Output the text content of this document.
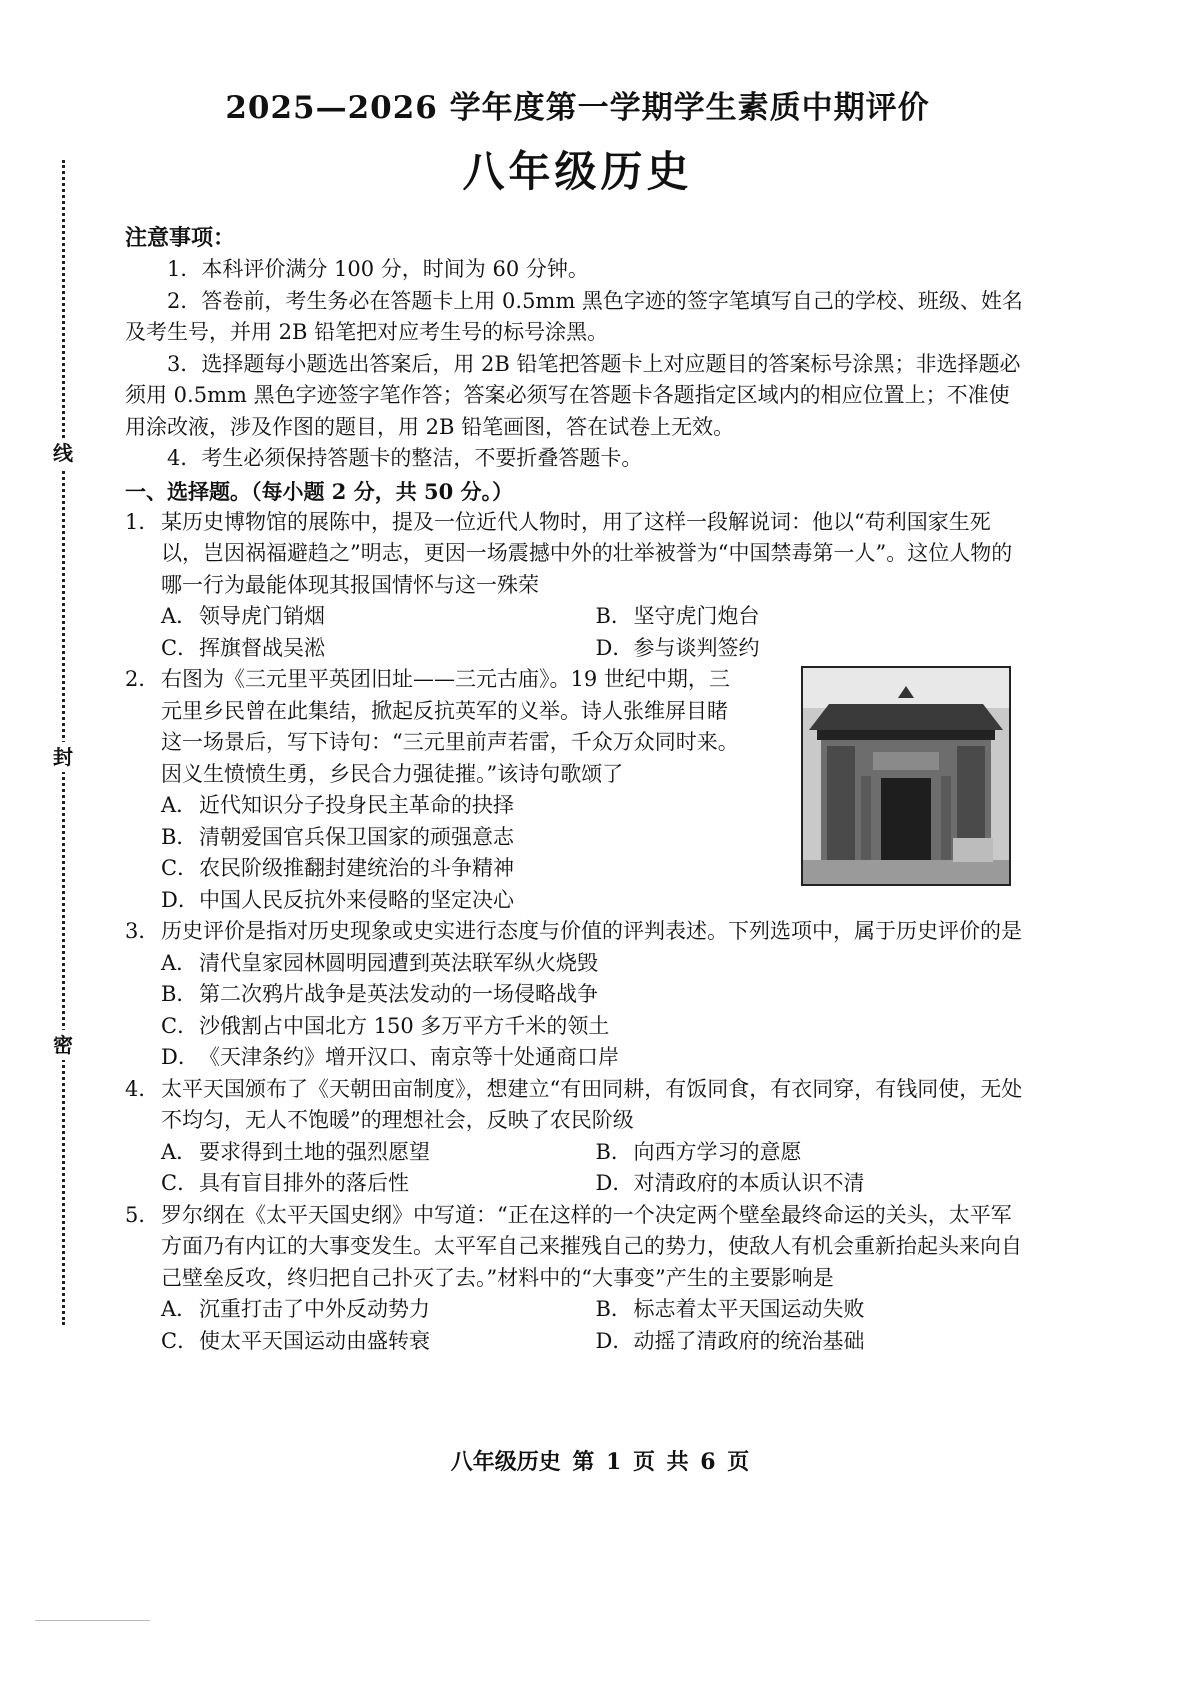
线
封
密
2025—2026 学年度第一学期学生素质中期评价
八年级历史
注意事项：

1．本科评价满分 100 分，时间为 60 分钟。

2．答卷前，考生务必在答题卡上用 0.5mm 黑色字迹的签字笔填写自己的学校、班级、姓名及考生号，并用 2B 铅笔把对应考生号的标号涂黑。

3．选择题每小题选出答案后，用 2B 铅笔把答题卡上对应题目的答案标号涂黑；非选择题必须用 0.5mm 黑色字迹签字笔作答；答案必须写在答题卡各题指定区域内的相应位置上；不准使用涂改液，涉及作图的题目，用 2B 铅笔画图，答在试卷上无效。

4．考生必须保持答题卡的整洁，不要折叠答题卡。

一、选择题。（每小题 2 分，共 50 分。）
1．某历史博物馆的展陈中，提及一位近代人物时，用了这样一段解说词：他以“苟利国家生死以，岂因祸福避趋之”明志，更因一场震撼中外的壮举被誉为“中国禁毒第一人”。这位人物的哪一行为最能体现其报国情怀与这一殊荣
A．领导虎门销烟	B．坚守虎门炮台
C．挥旗督战吴淞	D．参与谈判签约
2．右图为《三元里平英团旧址——三元古庙》。19 世纪中期，三元里乡民曾在此集结，掀起反抗英军的义举。诗人张维屏目睹这一场景后，写下诗句：“三元里前声若雷，千众万众同时来。因义生愤愤生勇，乡民合力强徒摧。”该诗句歌颂了
A．近代知识分子投身民主革命的抉择
B．清朝爱国官兵保卫国家的顽强意志
C．农民阶级推翻封建统治的斗争精神
D．中国人民反抗外来侵略的坚定决心
3．历史评价是指对历史现象或史实进行态度与价值的评判表述。下列选项中，属于历史评价的是
A．清代皇家园林圆明园遭到英法联军纵火烧毁
B．第二次鸦片战争是英法发动的一场侵略战争
C．沙俄割占中国北方 150 多万平方千米的领土
D．《天津条约》增开汉口、南京等十处通商口岸
4．太平天国颁布了《天朝田亩制度》，想建立“有田同耕，有饭同食，有衣同穿，有钱同使，无处不均匀，无人不饱暖”的理想社会，反映了农民阶级
A．要求得到土地的强烈愿望	B．向西方学习的意愿
C．具有盲目排外的落后性	D．对清政府的本质认识不清
5．罗尔纲在《太平天国史纲》中写道：“正在这样的一个决定两个壁垒最终命运的关头，太平军方面乃有内讧的大事变发生。太平军自己来摧残自己的势力，使敌人有机会重新抬起头来向自己壁垒反攻，终归把自己扑灭了去。”材料中的“大事变”产生的主要影响是
A．沉重打击了中外反动势力	B．标志着太平天国运动失败
C．使太平天国运动由盛转衰	D．动摇了清政府的统治基础
八年级历史 第 1 页 共 6 页
